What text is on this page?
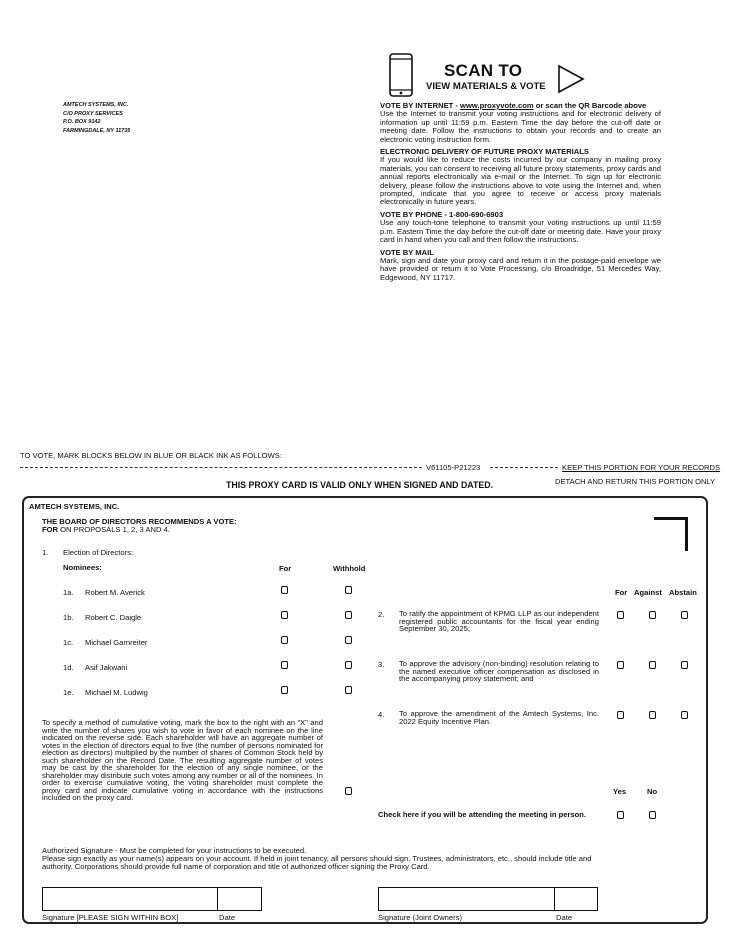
AMTECH SYSTEMS, INC.
C/O PROXY SERVICES
P.O. BOX 9142
FARMINGDALE, NY 11735
SCAN TO
VIEW MATERIALS & VOTE
VOTE BY INTERNET - www.proxyvote.com or scan the QR Barcode above
Use the Internet to transmit your voting instructions and for electronic delivery of information up until 11:59 p.m. Eastern Time the day before the cut-off date or meeting date. Follow the instructions to obtain your records and to create an electronic voting instruction form.
ELECTRONIC DELIVERY OF FUTURE PROXY MATERIALS
If you would like to reduce the costs incurred by our company in mailing proxy materials, you can consent to receiving all future proxy statements, proxy cards and annual reports electronically via e-mail or the Internet. To sign up for electronic delivery, please follow the instructions above to vote using the Internet and, when prompted, indicate that you agree to receive or access proxy materials electronically in future years.
VOTE BY PHONE - 1-800-690-6903
Use any touch-tone telephone to transmit your voting instructions up until 11:59 p.m. Eastern Time the day before the cut-off date or meeting date. Have your proxy card in hand when you call and then follow the instructions.
VOTE BY MAIL
Mark, sign and date your proxy card and return it in the postage-paid envelope we have provided or return it to Vote Processing, c/o Broadridge, 51 Mercedes Way, Edgewood, NY 11717.
TO VOTE, MARK BLOCKS BELOW IN BLUE OR BLACK INK AS FOLLOWS:
V61105-P21223	KEEP THIS PORTION FOR YOUR RECORDS
THIS PROXY CARD IS VALID ONLY WHEN SIGNED AND DATED.	DETACH AND RETURN THIS PORTION ONLY
AMTECH SYSTEMS, INC.
THE BOARD OF DIRECTORS RECOMMENDS A VOTE:
FOR ON PROPOSALS 1, 2, 3 AND 4.
1. Election of Directors:
Nominees:	For	Withhold
1a. Robert M. Averick
1b. Robert C. Daigle
1c. Michael Garnreiter
1d. Asif Jakwani
1e. Michael M. Ludwig
To specify a method of cumulative voting, mark the box to the right with an "X" and write the number of shares you wish to vote in favor of each nominee on the line indicated on the reverse side. Each shareholder will have an aggregate number of votes in the election of directors equal to five (the number of persons nominated for election as directors) multiplied by the number of shares of Common Stock held by such shareholder on the Record Date. The resulting aggregate number of votes may be cast by the shareholder for the election of any single nominee, or the shareholder may distribute such votes among any number or all of the nominees. In order to exercise cumulative voting, the voting shareholder must complete the proxy card and indicate cumulative voting in accordance with the instructions included on the proxy card.
For Against Abstain
2. To ratify the appointment of KPMG LLP as our independent registered public accountants for the fiscal year ending September 30, 2025;
3. To approve the advisory (non-binding) resolution relating to the named executive officer compensation as disclosed in the accompanying proxy statement; and
4. To approve the amendment of the Amtech Systems, Inc. 2022 Equity Incentive Plan.
Yes	No
Check here if you will be attending the meeting in person.
Authorized Signature - Must be completed for your instructions to be executed.
Please sign exactly as your name(s) appears on your account. If held in joint tenancy, all persons should sign. Trustees, administrators, etc., should include title and authority. Corporations should provide full name of corporation and title of authorized officer signing the Proxy Card.
Signature [PLEASE SIGN WITHIN BOX]	Date	Signature (Joint Owners)	Date
